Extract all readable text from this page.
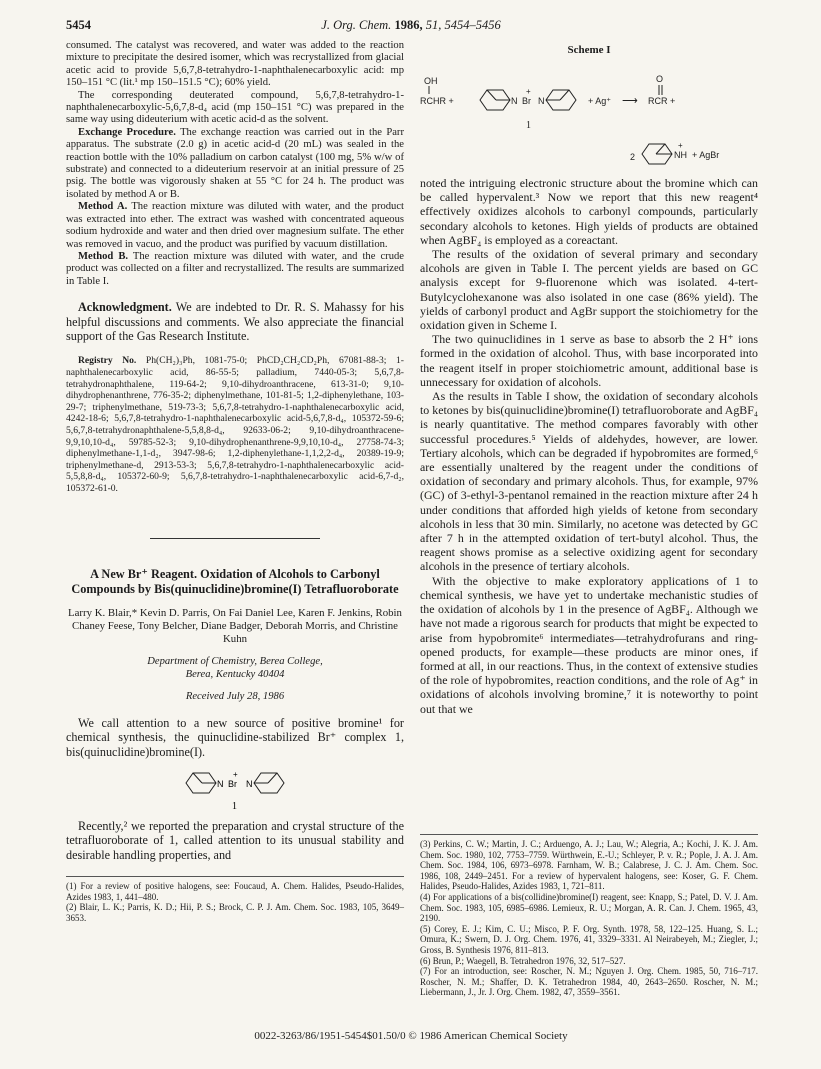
5454	J. Org. Chem. 1986, 51, 5454–5456

consumed. The catalyst was recovered, and water was added to the reaction mixture to precipitate the desired isomer, which was recrystallized from glacial acetic acid to provide 5,6,7,8-tetrahydro-1-naphthalenecarboxylic acid: mp 150–151 °C (lit.¹ mp 150–151.5 °C); 60% yield.

The corresponding deuterated compound, 5,6,7,8-tetrahydro-1-naphthalenecarboxylic-5,6,7,8-d₄ acid (mp 150–151 °C) was prepared in the same way using dideuterium with acetic acid-d as the solvent.

Exchange Procedure. The exchange reaction was carried out in the Parr apparatus. The substrate (2.0 g) in acetic acid-d (20 mL) was sealed in the reaction bottle with the 10% palladium on carbon catalyst (100 mg, 5% w/w of substrate) and connected to a dideuterium reservoir at an initial pressure of 25 psig. The bottle was vigorously shaken at 55 °C for 24 h. The product was isolated by method A or B.

Method A. The reaction mixture was diluted with water, and the product was extracted into ether. The extract was washed with concentrated aqueous sodium hydroxide and water and then dried over magnesium sulfate. The ether was removed in vacuo, and the product was purified by vacuum distillation.

Method B. The reaction mixture was diluted with water, and the crude product was collected on a filter and recrystallized. The results are summarized in Table I.

Acknowledgment. We are indebted to Dr. R. S. Mahassy for his helpful discussions and comments. We also appreciate the financial support of the Gas Research Institute.

Registry No. Ph(CH₂)₃Ph, 1081-75-0; PhCD₂CH₂CD₂Ph, 67081-88-3; 1-naphthalenecarboxylic acid, 86-55-5; palladium, 7440-05-3; 5,6,7,8-tetrahydronaphthalene, 119-64-2; 9,10-dihydroanthracene, 613-31-0; 9,10-dihydrophenanthrene, 776-35-2; diphenylmethane, 101-81-5; 1,2-diphenylethane, 103-29-7; triphenylmethane, 519-73-3; 5,6,7,8-tetrahydro-1-naphthalenecarboxylic acid, 4242-18-6; 5,6,7,8-tetrahydro-1-naphthalenecarboxylic acid-5,6,7,8-d₄, 105372-59-6; 5,6,7,8-tetrahydronaphthalene-5,5,8,8-d₄, 92633-06-2; 9,10-dihydroanthracene-9,9,10,10-d₄, 59785-52-3; 9,10-dihydrophenanthrene-9,9,10,10-d₄, 27758-74-3; diphenylmethane-1,1-d₂, 3947-98-6; 1,2-diphenylethane-1,1,2,2-d₄, 20389-19-9; triphenylmethane-d, 2913-53-3; 5,6,7,8-tetrahydro-1-naphthalenecarboxylic acid-5,5,8,8-d₄, 105372-60-9; 5,6,7,8-tetrahydro-1-naphthalenecarboxylic acid-6,7-d₂, 105372-61-0.

A New Br⁺ Reagent. Oxidation of Alcohols to Carbonyl Compounds by Bis(quinuclidine)bromine(I) Tetrafluoroborate
Larry K. Blair,* Kevin D. Parris, On Fai Daniel Lee, Karen F. Jenkins, Robin Chaney Feese, Tony Belcher, Diane Badger, Deborah Morris, and Christine Kuhn
Department of Chemistry, Berea College,
Berea, Kentucky 40404
Received July 28, 1986

We call attention to a new source of positive bromine¹ for chemical synthesis, the quinuclidine-stabilized Br⁺ complex 1, bis(quinuclidine)bromine(I).

N Br
+
N
1

Recently,² we reported the preparation and crystal structure of the tetrafluoroborate of 1, called attention to its unusual stability and desirable handling properties, and

(1) For a review of positive halogens, see: Foucaud, A. Chem. Halides, Pseudo-Halides, Azides 1983, 1, 441–480.
(2) Blair, L. K.; Parris, K. D.; Hii, P. S.; Brock, C. P. J. Am. Chem. Soc. 1983, 105, 3649–3653.
Scheme I
OH
RCHR +	N Br
+
N	+ Ag⁺ ⟶
O
RCR +
1
2	NH
+
+ AgBr

noted the intriguing electronic structure about the bromine which can be called hypervalent.³ Now we report that this new reagent⁴ effectively oxidizes alcohols to carbonyl compounds, particularly secondary alcohols to ketones. High yields of products are obtained when AgBF₄ is employed as a coreactant.

The results of the oxidation of several primary and secondary alcohols are given in Table I. The percent yields are based on GC analysis except for 9-fluorenone which was isolated. 4-tert-Butylcyclohexanone was also isolated in one case (86% yield). The yields of carbonyl product and AgBr support the stoichiometry for the oxidation given in Scheme I.

The two quinuclidines in 1 serve as base to absorb the 2 H⁺ ions formed in the oxidation of alcohol. Thus, with base incorporated into the reagent itself in proper stoichiometric amount, additional base is unnecessary for oxidation of alcohols.

As the results in Table I show, the oxidation of secondary alcohols to ketones by bis(quinuclidine)bromine(I) tetrafluoroborate and AgBF₄ is nearly quantitative. The method compares favorably with other successful procedures.⁵ Yields of aldehydes, however, are lower. Tertiary alcohols, which can be degraded if hypobromites are formed,⁶ are essentially unaltered by the reagent under the conditions of oxidation of secondary and primary alcohols. Thus, for example, 97% (GC) of 3-ethyl-3-pentanol remained in the reaction mixture after 24 h under conditions that afforded high yields of ketone from secondary alcohols in less that 30 min. Similarly, no acetone was detected by GC after 7 h in the attempted oxidation of tert-butyl alcohol. Thus, the reagent shows promise as a selective oxidizing agent for secondary alcohols in the presence of tertiary alcohols.

With the objective to make exploratory applications of 1 to chemical synthesis, we have yet to undertake mechanistic studies of the oxidation of alcohols by 1 in the presence of AgBF₄. Although we have not made a rigorous search for products that might be expected to arise from hypobromite⁶ intermediates—tetrahydrofurans and ring-opened products, for example—these products are minor ones, if formed at all, in our reactions. Thus, in the context of extensive studies of the role of hypobromites, reaction conditions, and the role of Ag⁺ in oxidations of alcohols involving bromine,⁷ it is noteworthy to point out that we

(3) Perkins, C. W.; Martin, J. C.; Arduengo, A. J.; Lau, W.; Alegria, A.; Kochi, J. K. J. Am. Chem. Soc. 1980, 102, 7753–7759. Würthwein, E.-U.; Schleyer, P. v. R.; Pople, J. A. J. Am. Chem. Soc. 1984, 106, 6973–6978. Farnham, W. B.; Calabrese, J. C. J. Am. Chem. Soc. 1986, 108, 2449–2451. For a review of hypervalent halogens, see: Koser, G. F. Chem. Halides, Pseudo-Halides, Azides 1983, 1, 721–811.
(4) For applications of a bis(collidine)bromine(I) reagent, see: Knapp, S.; Patel, D. V. J. Am. Chem. Soc. 1983, 105, 6985–6986. Lemieux, R. U.; Morgan, A. R. Can. J. Chem. 1965, 43, 2190.
(5) Corey, E. J.; Kim, C. U.; Misco, P. F. Org. Synth. 1978, 58, 122–125. Huang, S. L.; Omura, K.; Swern, D. J. Org. Chem. 1976, 41, 3329–3331. Al Neirabeyeh, M.; Ziegler, J.; Gross, B. Synthesis 1976, 811–813.
(6) Brun, P.; Waegell, B. Tetrahedron 1976, 32, 517–527.
(7) For an introduction, see: Roscher, N. M.; Nguyen J. Org. Chem. 1985, 50, 716–717. Roscher, N. M.; Shaffer, D. K. Tetrahedron 1984, 40, 2643–2650. Roscher, N. M.; Liebermann, J., Jr. J. Org. Chem. 1982, 47, 3559–3561.
0022-3263/86/1951-5454$01.50/0 © 1986 American Chemical Society
